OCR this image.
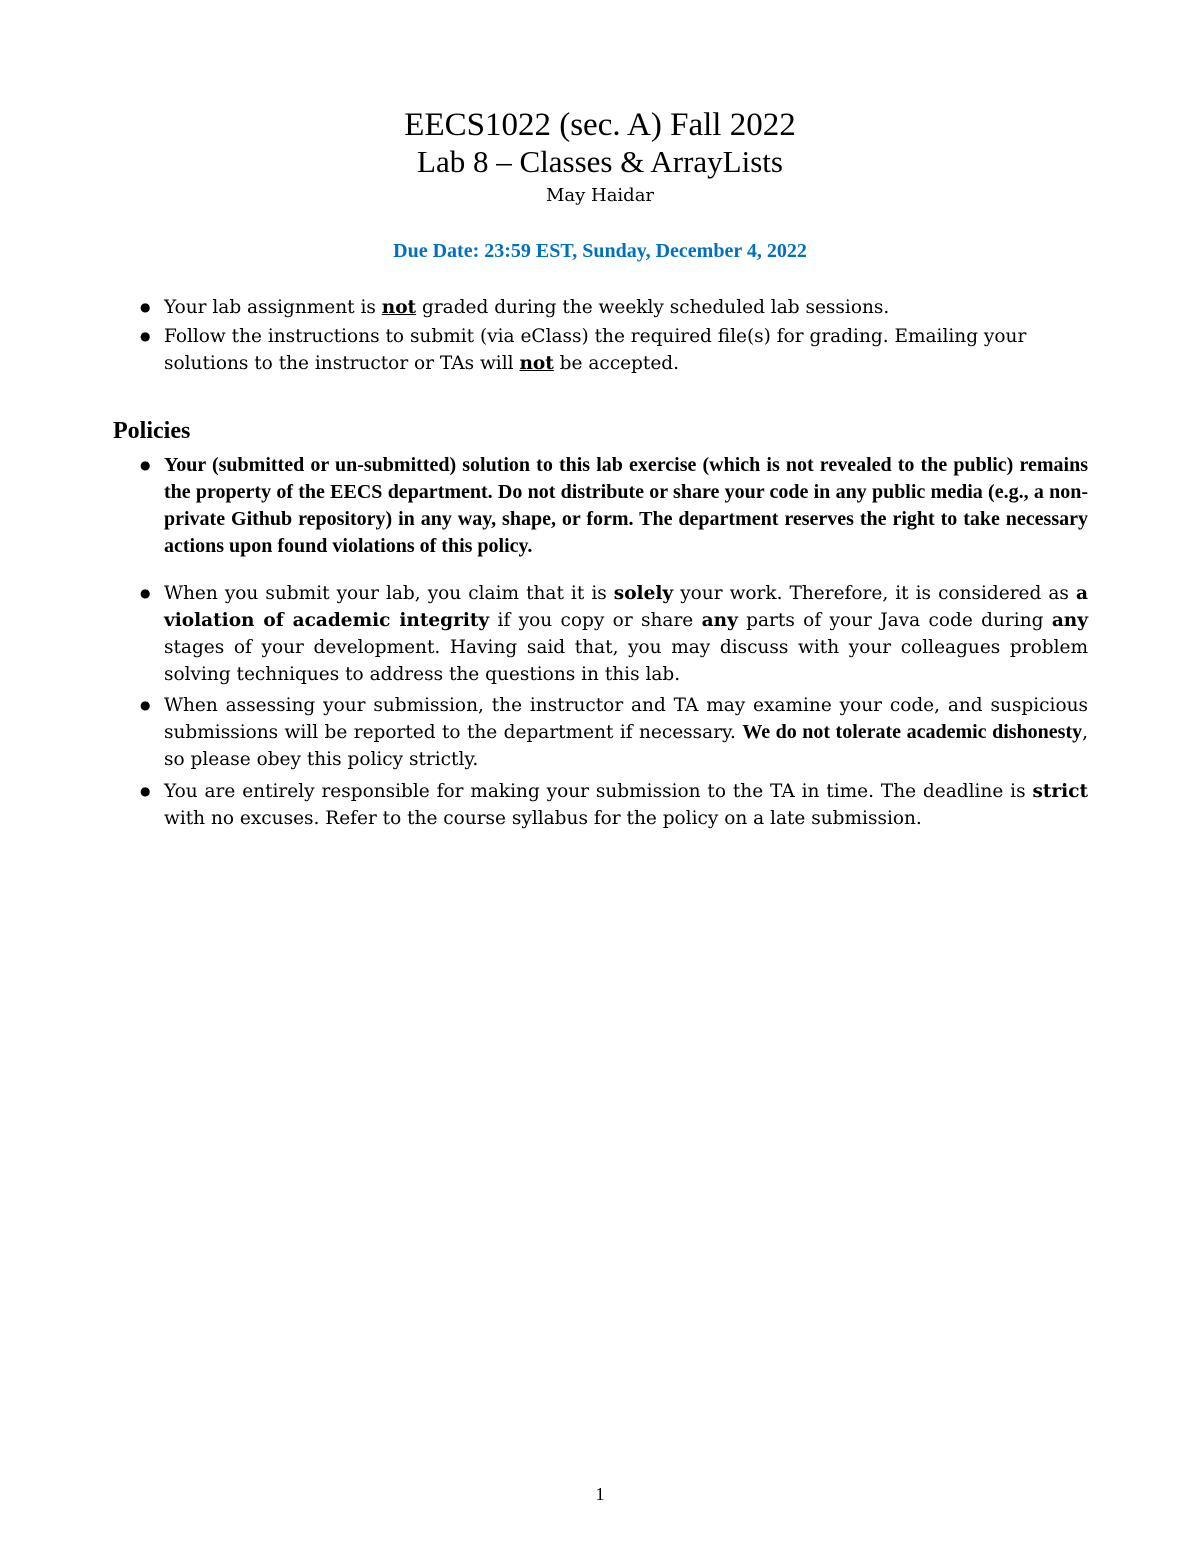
EECS1022 (sec. A) Fall 2022
Lab 8 – Classes & ArrayLists
May Haidar
Due Date: 23:59 EST, Sunday, December 4, 2022
● Your lab assignment is not graded during the weekly scheduled lab sessions.
● Follow the instructions to submit (via eClass) the required file(s) for grading. Emailing your solutions to the instructor or TAs will not be accepted.
Policies
● Your (submitted or un-submitted) solution to this lab exercise (which is not revealed to the public) remains the property of the EECS department. Do not distribute or share your code in any public media (e.g., a non-private Github repository) in any way, shape, or form. The department reserves the right to take necessary actions upon found violations of this policy.
● When you submit your lab, you claim that it is solely your work. Therefore, it is considered as a violation of academic integrity if you copy or share any parts of your Java code during any stages of your development. Having said that, you may discuss with your colleagues problem solving techniques to address the questions in this lab.
● When assessing your submission, the instructor and TA may examine your code, and suspicious submissions will be reported to the department if necessary. We do not tolerate academic dishonesty, so please obey this policy strictly.
● You are entirely responsible for making your submission to the TA in time. The deadline is strict with no excuses. Refer to the course syllabus for the policy on a late submission.
1
